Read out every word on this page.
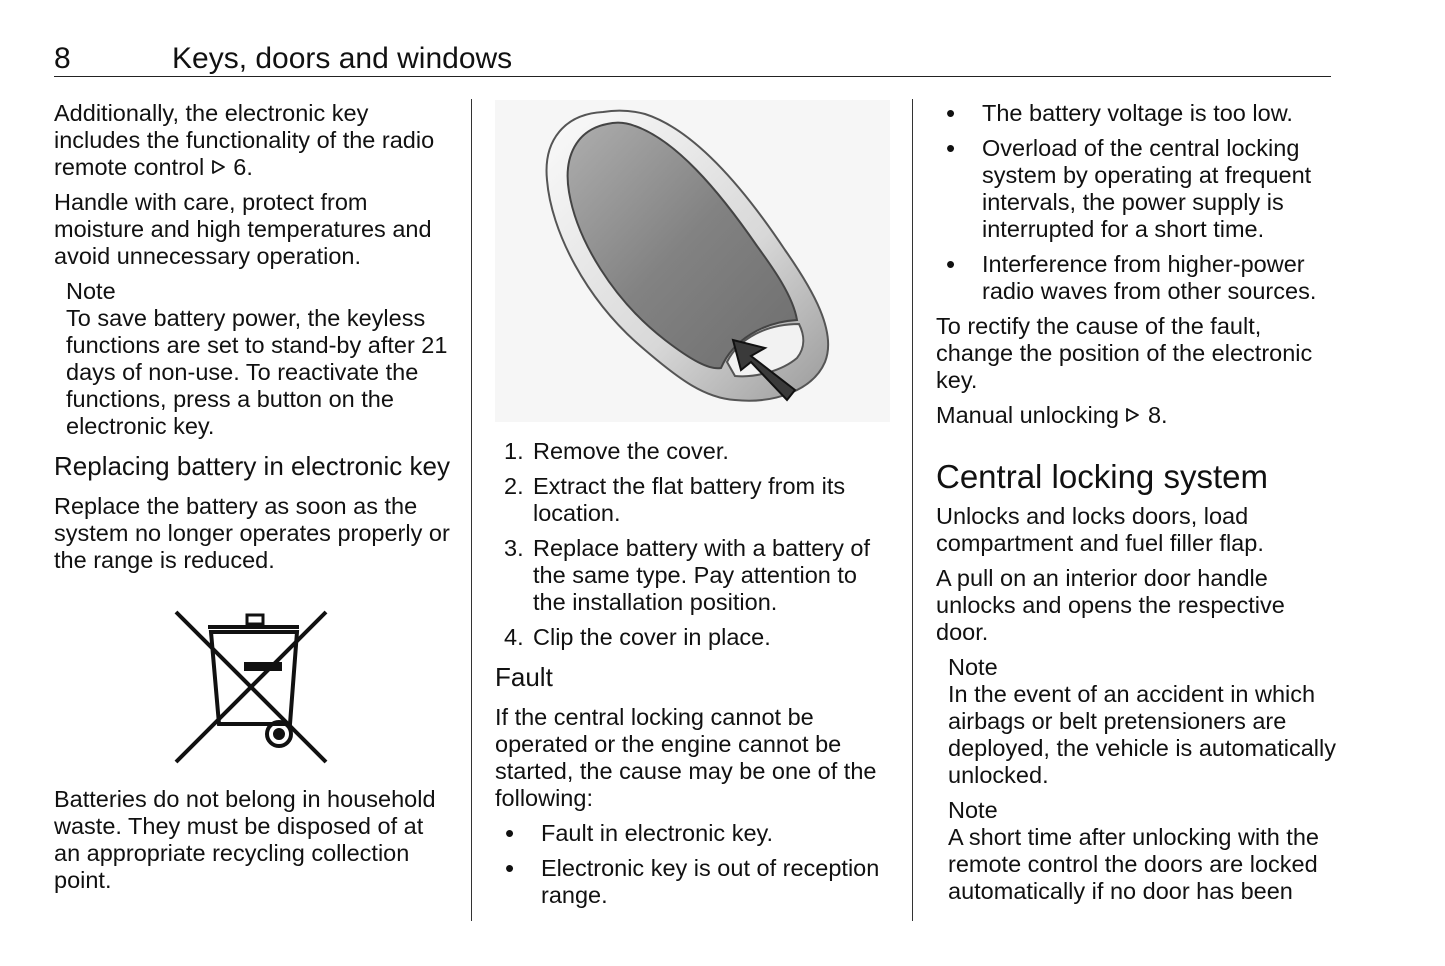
8	Keys, doors and windows

Additionally, the electronic key includes the functionality of the radio remote control 6.

Handle with care, protect from moisture and high temperatures and avoid unnecessary operation.

Note
To save battery power, the keyless functions are set to stand-by after 21 days of non-use. To reactivate the functions, press a button on the electronic key.
Replacing battery in electronic key

Replace the battery as soon as the system no longer operates properly or the range is reduced.

Batteries do not belong in household waste. They must be disposed of at an appropriate recycling collection point.

1. Remove the cover.
2. Extract the flat battery from its location.
3. Replace battery with a battery of the same type. Pay attention to the installation position.
4. Clip the cover in place.
Fault

If the central locking cannot be operated or the engine cannot be started, the cause may be one of the following:

• Fault in electronic key.
• Electronic key is out of reception range.
• The battery voltage is too low.
• Overload of the central locking system by operating at frequent intervals, the power supply is interrupted for a short time.
• Interference from higher-power radio waves from other sources.

To rectify the cause of the fault, change the position of the electronic key.

Manual unlocking 8.

Central locking system

Unlocks and locks doors, load compartment and fuel filler flap.

A pull on an interior door handle unlocks and opens the respective door.

Note
In the event of an accident in which airbags or belt pretensioners are deployed, the vehicle is automatically unlocked.
Note
A short time after unlocking with the remote control the doors are locked automatically if no door has been
